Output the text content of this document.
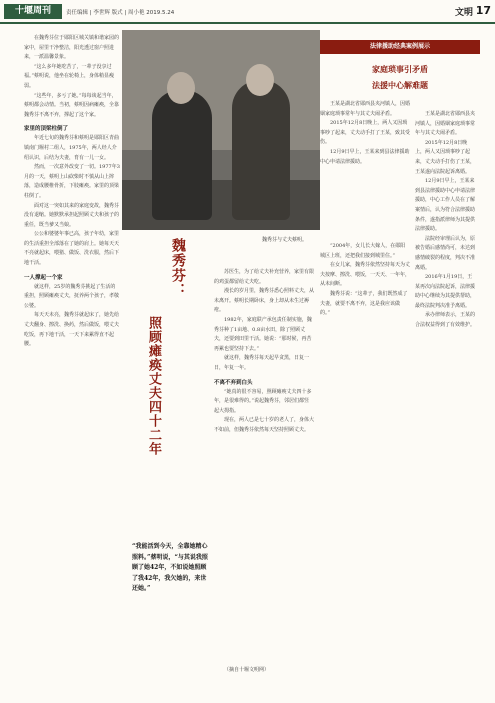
十堰周刊	责任编辑 | 李世辉 版式 | 周小艳 2019.5.24	文明 17

在魏秀芬位于郧阳区城关镇和谐家园的家中，屋里干净整洁，阳光透过窗户照进来，一派温馨景象。

“这么多年她吃苦了，一辈子没享过福。”蔡明说，他坐在轮椅上，身体稍显瘦弱。

“这些年，多亏了她。”每每谈起当年，蔡明都会动情。当初，蔡明因病瘫痪，全靠魏秀芬不离不弃，撑起了这个家。

家里的顶梁柱倒了

年近七旬的魏秀芬和蔡明是郧阳区青曲镇南门堰村二组人，1975年，两人经人介绍认识，后结为夫妻，育有一儿一女。

然而，一次意外改变了一切。1977年3月的一天，蔡明上山砍柴时不慎从山上摔落，造成腰椎骨折，下肢瘫痪。家里的顶梁柱倒了。

面对这一突如其来的家庭变故，魏秀芬没有退缩。她默默承担起照顾丈夫和孩子的重任，既当爹又当娘。

公公和婆婆年事已高，孩子年幼，家里的生活重担全部落在了她的肩上。她每天天不亮就起床，喂猪、做饭、洗衣服，然后下地干活。

一人撑起一个家

就这样，25岁的魏秀芬挑起了生活的重担，照顾瘫痪丈夫，抚养两个孩子，孝敬公婆。

每天天未亮，魏秀芬就起床了，她先给丈夫翻身、擦洗、换药，然后做饭，喂丈夫吃饭，再下地干活，一天下来累得直不起腰。

魏秀芬与丈夫蔡明。
魏秀芬：
照顾瘫痪丈夫四十二年
“我能活到今天，全靠她精心照料。”蔡明说，“与其说我照顾了她42年，不如说她照顾了我42年，我欠她的，来世还她。”

苏医生，为了给丈夫补充营养，家里有限的鸡蛋都留给丈夫吃。

漫长的岁月里，魏秀芬悉心照料丈夫，从未离开。蔡明长期卧床，身上却从未生过褥疮。

1982年，家庭联产承包责任制实施，魏秀芬种了1亩地、0.8亩水田，除了照顾丈夫，还要到田里干活。她说：“那时候，再苦再累也要坚持下去。”

就这样，魏秀芬每天起早贪黑，日复一日，年复一年。

不离不弃到白头

“她真的很不容易，照顾瘫痪丈夫四十多年，是很难得的。”说起魏秀芬，邻居们都竖起大拇指。

现在，两人已是七十岁的老人了，身体大不如前，但魏秀芬依然每天坚持照顾丈夫。

“2004年，女儿长大嫁人，在郧阳城区上班，还把我们接到城里住。”

在女儿家，魏秀芬依然坚持每天为丈夫按摩、擦洗、喂饭，一天天、一年年，从未间断。

魏秀芬说：“这辈子，我们既然成了夫妻，就要不离不弃，这是我应该做的。”

（摘自十堰文明网）
法律援助经典案例展示
家庭琐事引矛盾
法援中心解难题

王某是湖北省郧西县夹河镇人，因婚姻家庭琐事常年与其丈夫闹矛盾。

2015年12月8日晚上，两人又因琐事吵了起来，丈夫动手打了王某，致其受伤。

12月9日早上，王某来到县法律援助中心申请法律援助。

王某是湖北省郧西县夹河镇人，因婚姻家庭琐事常年与其丈夫闹矛盾。

2015年12月8日晚上，两人又因琐事吵了起来，丈夫动手打伤了王某，王某遂向法院起诉离婚。

12月9日早上，王某来到县法律援助中心申请法律援助，中心工作人员在了解案情后，认为符合法律援助条件，遂指派律师为其提供法律援助。

法院经审理后认为，原被告婚后感情尚可，未达到感情破裂的程度，判决不准离婚。

2016年1月19日，王某再次向法院起诉，法律援助中心继续为其提供帮助，最终法院判决准予离婚。

承办律师表示，王某的合法权益得到了有效维护。
